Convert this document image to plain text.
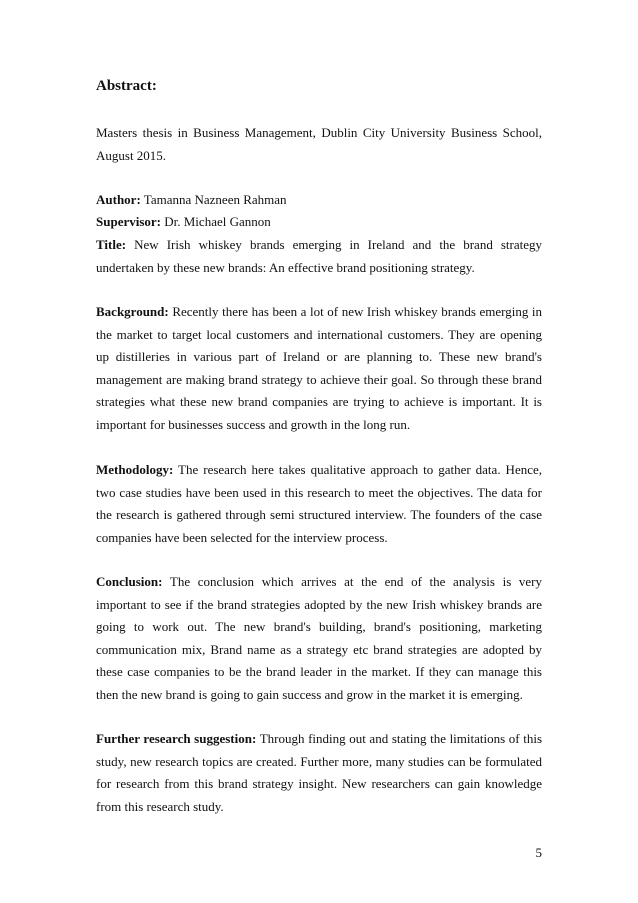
Abstract:

Masters thesis in Business Management, Dublin City University Business School, August 2015.

Author: Tamanna Nazneen Rahman

Supervisor: Dr. Michael Gannon

Title: New Irish whiskey brands emerging in Ireland and the brand strategy undertaken by these new brands: An effective brand positioning strategy.

Background: Recently there has been a lot of new Irish whiskey brands emerging in the market to target local customers and international customers. They are opening up distilleries in various part of Ireland or are planning to. These new brand's management are making brand strategy to achieve their goal. So through these brand strategies what these new brand companies are trying to achieve is important. It is important for businesses success and growth in the long run.

Methodology: The research here takes qualitative approach to gather data. Hence, two case studies have been used in this research to meet the objectives. The data for the research is gathered through semi structured interview. The founders of the case companies have been selected for the interview process.

Conclusion: The conclusion which arrives at the end of the analysis is very important to see if the brand strategies adopted by the new Irish whiskey brands are going to work out. The new brand's building, brand's positioning, marketing communication mix, Brand name as a strategy etc brand strategies are adopted by these case companies to be the brand leader in the market. If they can manage this then the new brand is going to gain success and grow in the market it is emerging.

Further research suggestion: Through finding out and stating the limitations of this study, new research topics are created. Further more, many studies can be formulated for research from this brand strategy insight. New researchers can gain knowledge from this research study.

5
